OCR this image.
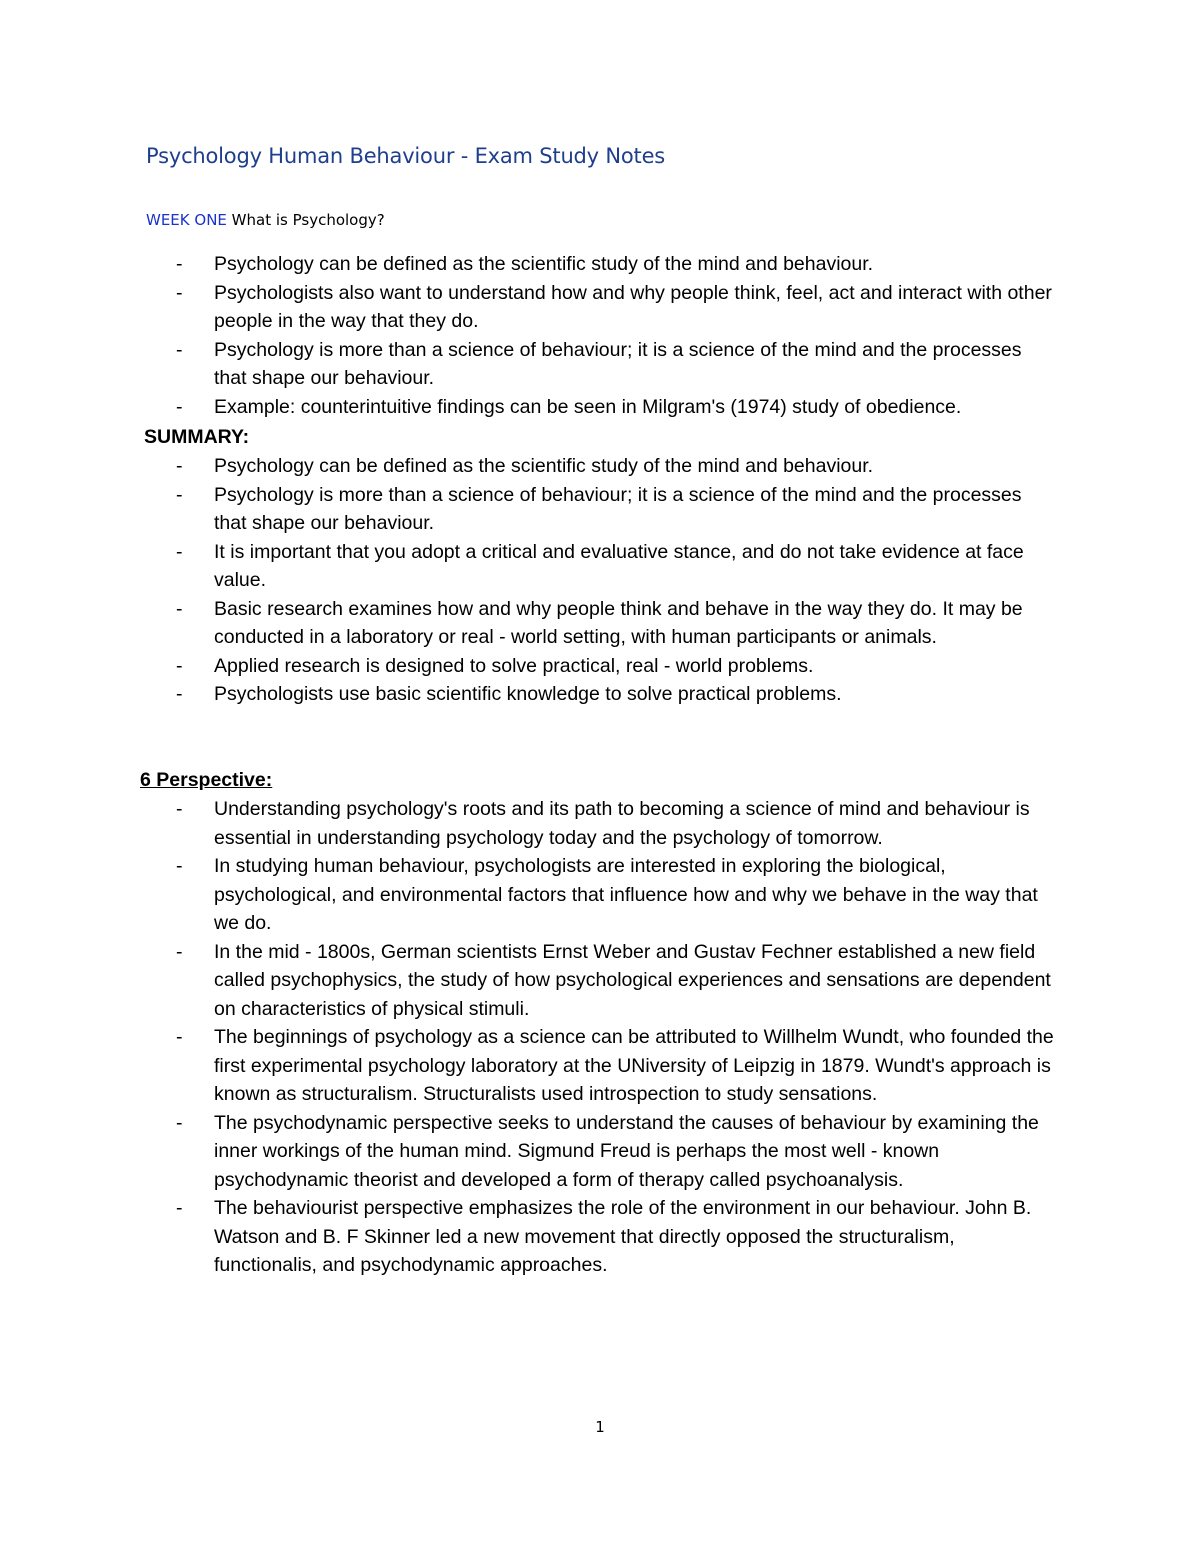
Psychology Human Behaviour - Exam Study Notes
WEEK ONE What is Psychology?
- Psychology can be defined as the scientific study of the mind and behaviour.
- Psychologists also want to understand how and why people think, feel, act and interact with other people in the way that they do.
- Psychology is more than a science of behaviour; it is a science of the mind and the processes that shape our behaviour.
- Example: counterintuitive findings can be seen in Milgram's (1974) study of obedience.
SUMMARY:
- Psychology can be defined as the scientific study of the mind and behaviour.
- Psychology is more than a science of behaviour; it is a science of the mind and the processes that shape our behaviour.
- It is important that you adopt a critical and evaluative stance, and do not take evidence at face value.
- Basic research examines how and why people think and behave in the way they do. It may be conducted in a laboratory or real - world setting, with human participants or animals.
- Applied research is designed to solve practical, real - world problems.
- Psychologists use basic scientific knowledge to solve practical problems.
6 Perspective:
- Understanding psychology's roots and its path to becoming a science of mind and behaviour is essential in understanding psychology today and the psychology of tomorrow.
- In studying human behaviour, psychologists are interested in exploring the biological, psychological, and environmental factors that influence how and why we behave in the way that we do.
- In the mid - 1800s, German scientists Ernst Weber and Gustav Fechner established a new field called psychophysics, the study of how psychological experiences and sensations are dependent on characteristics of physical stimuli.
- The beginnings of psychology as a science can be attributed to Willhelm Wundt, who founded the first experimental psychology laboratory at the UNiversity of Leipzig in 1879. Wundt's approach is known as structuralism. Structuralists used introspection to study sensations.
- The psychodynamic perspective seeks to understand the causes of behaviour by examining the inner workings of the human mind. Sigmund Freud is perhaps the most well - known psychodynamic theorist and developed a form of therapy called psychoanalysis.
- The behaviourist perspective emphasizes the role of the environment in our behaviour. John B. Watson and B. F Skinner led a new movement that directly opposed the structuralism, functionalis, and psychodynamic approaches.
1
